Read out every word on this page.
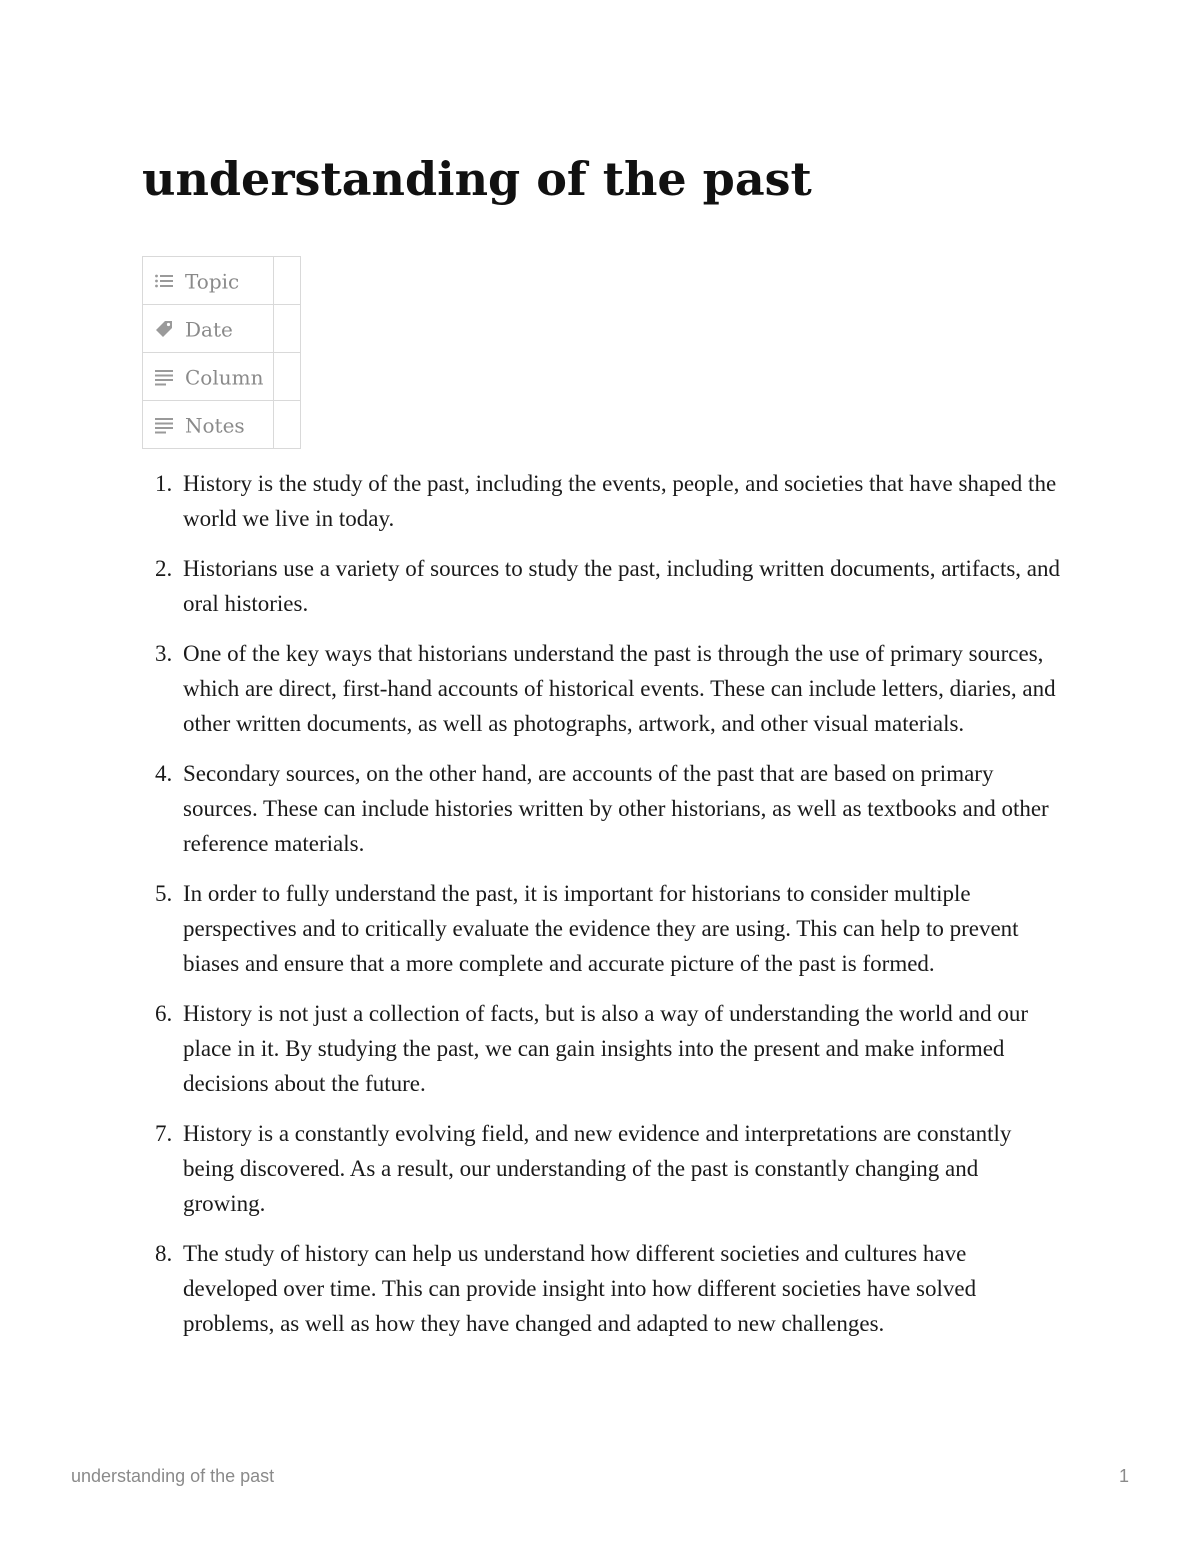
understanding of the past
Topic	

Date	

Column	

Notes	
1. History is the study of the past, including the events, people, and societies that have shaped the world we live in today.
2. Historians use a variety of sources to study the past, including written documents, artifacts, and oral histories.
3. One of the key ways that historians understand the past is through the use of primary sources, which are direct, first-hand accounts of historical events. These can include letters, diaries, and other written documents, as well as photographs, artwork, and other visual materials.
4. Secondary sources, on the other hand, are accounts of the past that are based on primary sources. These can include histories written by other historians, as well as textbooks and other reference materials.
5. In order to fully understand the past, it is important for historians to consider multiple perspectives and to critically evaluate the evidence they are using. This can help to prevent biases and ensure that a more complete and accurate picture of the past is formed.
6. History is not just a collection of facts, but is also a way of understanding the world and our place in it. By studying the past, we can gain insights into the present and make informed decisions about the future.
7. History is a constantly evolving field, and new evidence and interpretations are constantly being discovered. As a result, our understanding of the past is constantly changing and growing.
8. The study of history can help us understand how different societies and cultures have developed over time. This can provide insight into how different societies have solved problems, as well as how they have changed and adapted to new challenges.
understanding of the past	1
